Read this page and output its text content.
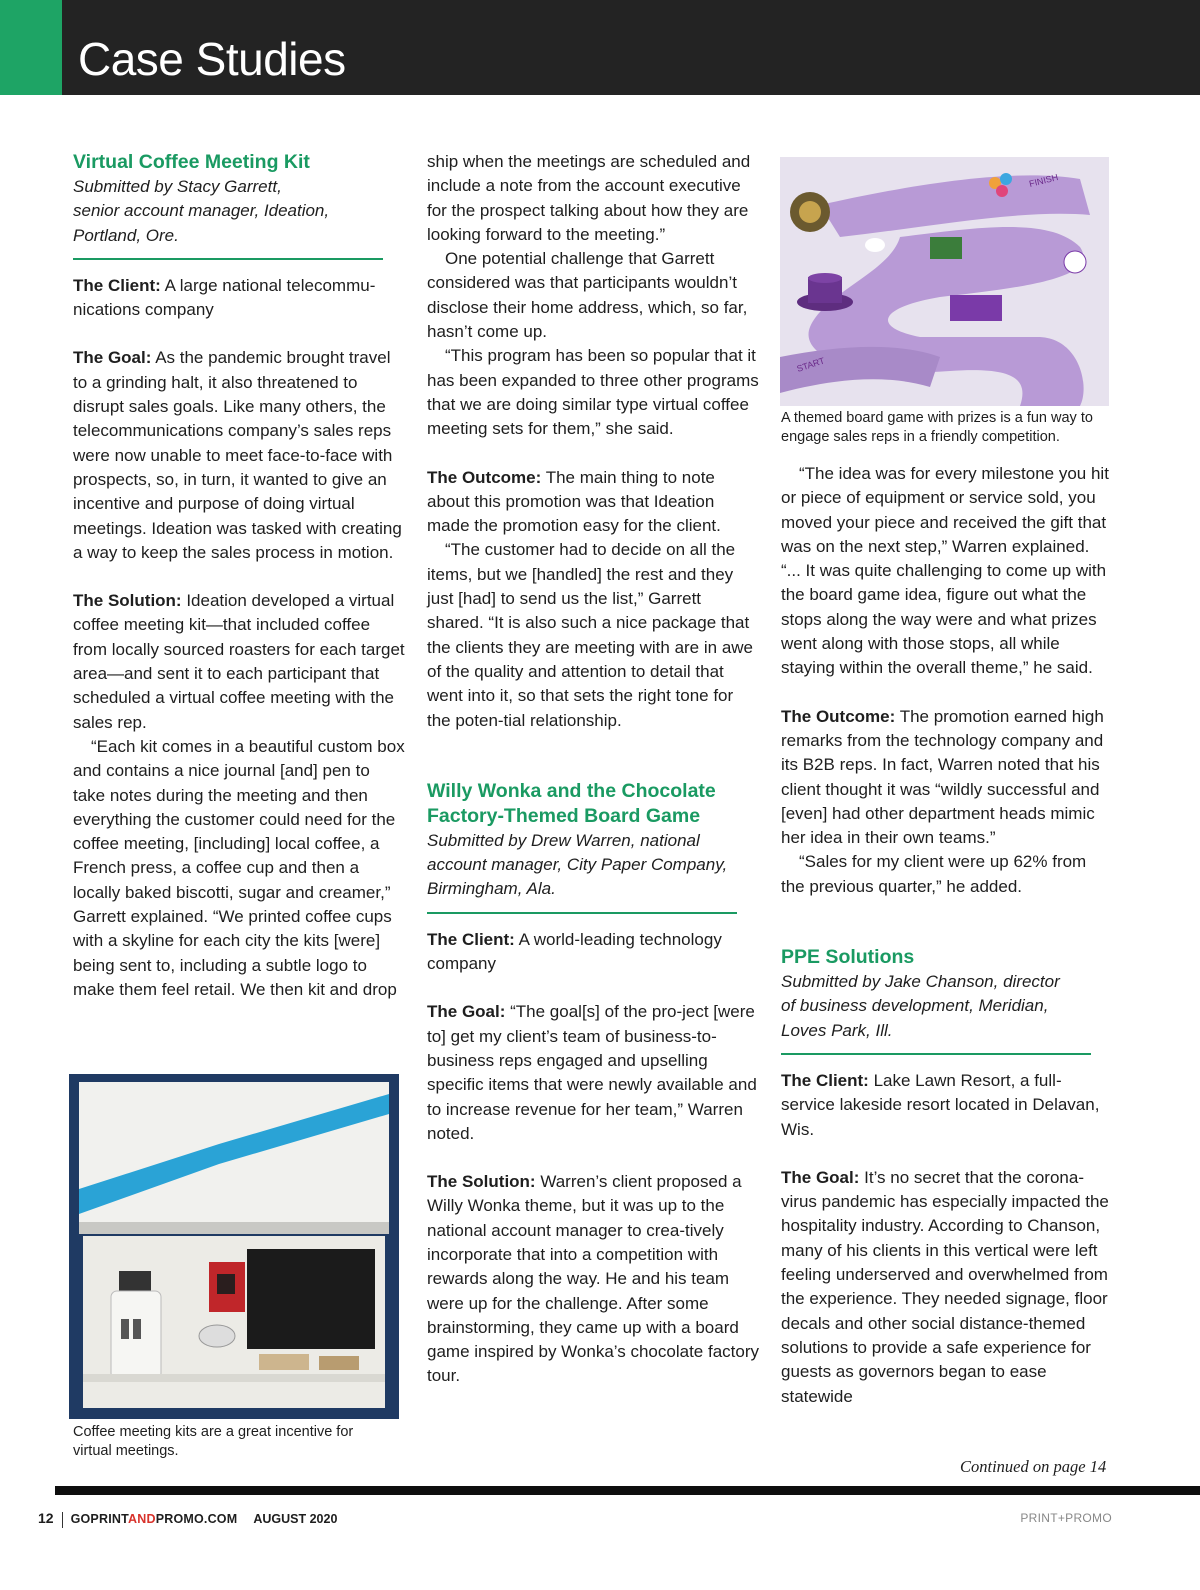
Case Studies

Virtual Coffee Meeting Kit

Submitted by Stacy Garrett,

senior account manager, Ideation,

Portland, Ore.

The Client: A large national telecommu-nications company

The Goal: As the pandemic brought travel to a grinding halt, it also threatened to disrupt sales goals. Like many others, the telecommunications company’s sales reps were now unable to meet face-to-face with prospects, so, in turn, it wanted to give an incentive and purpose of doing virtual meetings. Ideation was tasked with creating a way to keep the sales process in motion.

The Solution: Ideation developed a virtual coffee meeting kit—that included coffee from locally sourced roasters for each target area—and sent it to each participant that scheduled a virtual coffee meeting with the sales rep.

“Each kit comes in a beautiful custom box and contains a nice journal [and] pen to take notes during the meeting and then everything the customer could need for the coffee meeting, [including] local coffee, a French press, a coffee cup and then a locally baked biscotti, sugar and creamer,” Garrett explained. “We printed coffee cups with a skyline for each city the kits [were] being sent to, including a subtle logo to make them feel retail. We then kit and drop

Coffee meeting kits are a great incentive for virtual meetings.

ship when the meetings are scheduled and include a note from the account executive for the prospect talking about how they are looking forward to the meeting.”

One potential challenge that Garrett considered was that participants wouldn’t disclose their home address, which, so far, hasn’t come up.

“This program has been so popular that it has been expanded to three other programs that we are doing similar type virtual coffee meeting sets for them,” she said.

The Outcome: The main thing to note about this promotion was that Ideation made the promotion easy for the client.

“The customer had to decide on all the items, but we [handled] the rest and they just [had] to send us the list,” Garrett shared. “It is also such a nice package that the clients they are meeting with are in awe of the quality and attention to detail that went into it, so that sets the right tone for the poten-tial relationship.

Willy Wonka and the Chocolate

Factory-Themed Board Game

Submitted by Drew Warren, national

account manager, City Paper Company,

Birmingham, Ala.

The Client: A world-leading technology company

The Goal: “The goal[s] of the pro-ject [were to] get my client’s team of business-to-business reps engaged and upselling specific items that were newly available and to increase revenue for her team,” Warren noted.

The Solution: Warren’s client proposed a Willy Wonka theme, but it was up to the national account manager to crea-tively incorporate that into a competition with rewards along the way. He and his team were up for the challenge. After some brainstorming, they came up with a board game inspired by Wonka’s chocolate factory tour.

FINISH
START

A themed board game with prizes is a fun way to engage sales reps in a friendly competition.

“The idea was for every milestone you hit or piece of equipment or service sold, you moved your piece and received the gift that was on the next step,” Warren explained. “... It was quite challenging to come up with the board game idea, figure out what the stops along the way were and what prizes went along with those stops, all while staying within the overall theme,” he said.

The Outcome: The promotion earned high remarks from the technology company and its B2B reps. In fact, Warren noted that his client thought it was “wildly successful and [even] had other department heads mimic her idea in their own teams.”

“Sales for my client were up 62% from the previous quarter,” he added.

PPE Solutions

Submitted by Jake Chanson, director

of business development, Meridian,

Loves Park, Ill.

The Client: Lake Lawn Resort, a full-service lakeside resort located in Delavan, Wis.

The Goal: It’s no secret that the corona-virus pandemic has especially impacted the hospitality industry. According to Chanson, many of his clients in this vertical were left feeling underserved and overwhelmed from the experience. They needed signage, floor decals and other social distance-themed solutions to provide a safe experience for guests as governors began to ease statewide

Continued on page 14
12 GOPRINTANDPROMO.COM AUGUST 2020	PRINT+PROMO
